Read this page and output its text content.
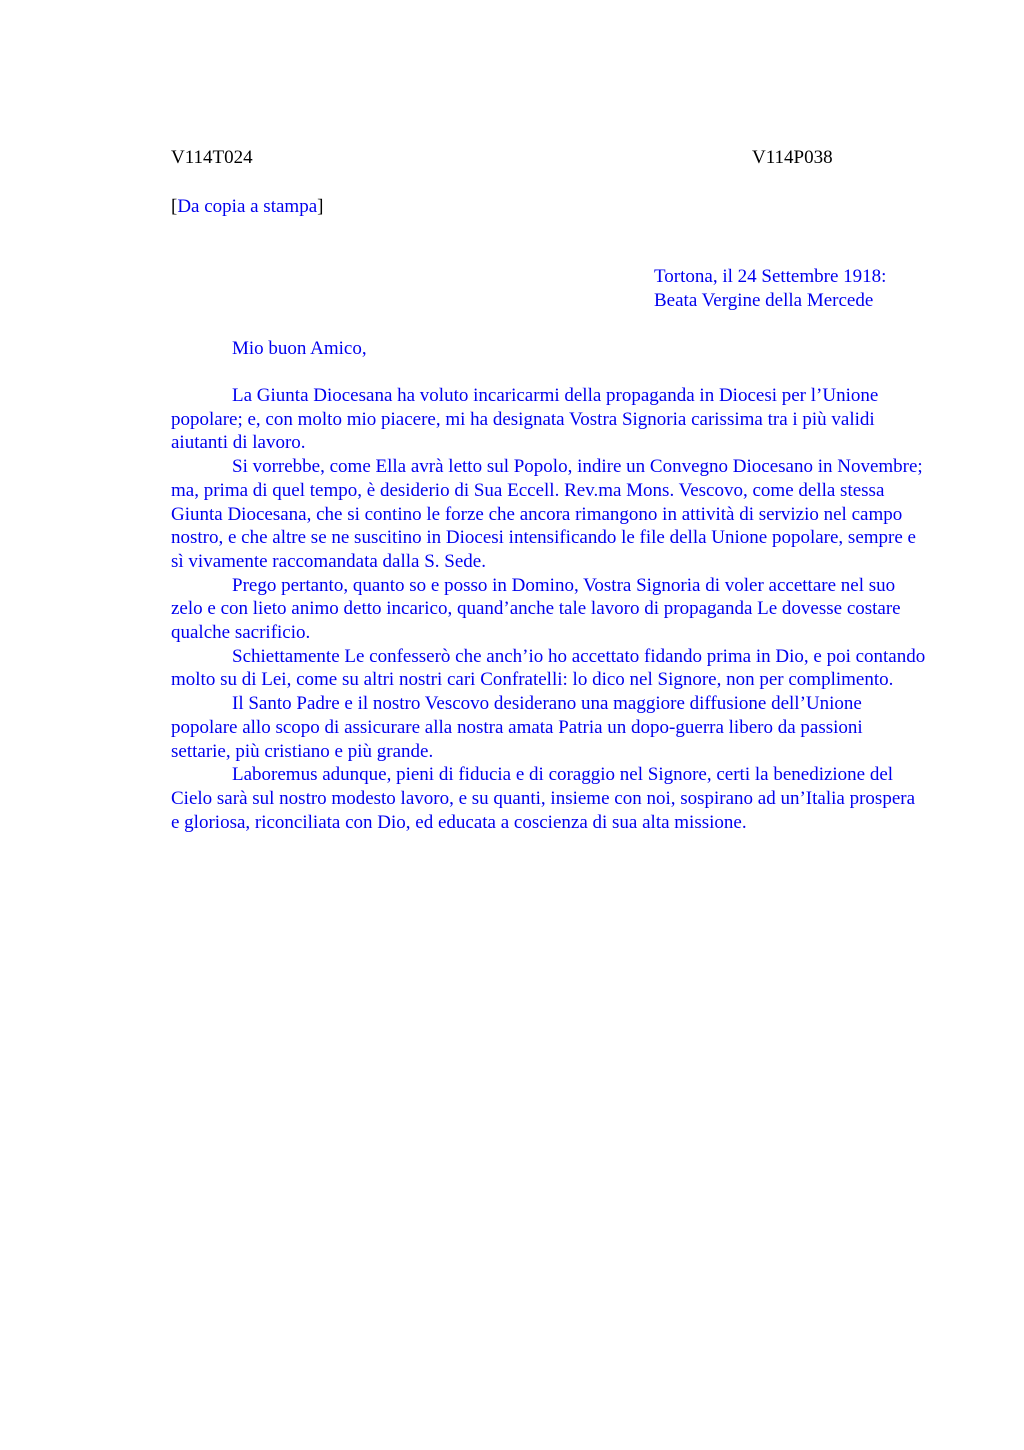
V114T024	V114P038
[Da copia a stampa]
Tortona, il 24 Settembre 1918:
Beata Vergine della Mercede
Mio buon Amico,

La Giunta Diocesana ha voluto incaricarmi della propaganda in Diocesi per l’Unione popolare; e, con molto mio piacere, mi ha designata Vostra Signoria carissima tra i più validi aiutanti di lavoro.

Si vorrebbe, come Ella avrà letto sul Popolo, indire un Convegno Diocesano in Novembre; ma, prima di quel tempo, è desiderio di Sua Eccell. Rev.ma Mons. Vescovo, come della stessa Giunta Diocesana, che si contino le forze che ancora rimangono in attività di servizio nel campo nostro, e che altre se ne suscitino in Diocesi intensificando le file della Unione popolare, sempre e sì vivamente raccomandata dalla S. Sede.

Prego pertanto, quanto so e posso in Domino, Vostra Signoria di voler accettare nel suo zelo e con lieto animo detto incarico, quand’anche tale lavoro di propaganda Le dovesse costare qualche sacrificio.

Schiettamente Le confesserò che anch’io ho accettato fidando prima in Dio, e poi contando molto su di Lei, come su altri nostri cari Confratelli: lo dico nel Signore, non per complimento.

Il Santo Padre e il nostro Vescovo desiderano una maggiore diffusione dell’Unione popolare allo scopo di assicurare alla nostra amata Patria un dopo-guerra libero da passioni settarie, più cristiano e più grande.

Laboremus adunque, pieni di fiducia e di coraggio nel Signore, certi la benedizione del Cielo sarà sul nostro modesto lavoro, e su quanti, insieme con noi, sospirano ad un’Italia prospera e gloriosa, riconciliata con Dio, ed educata a coscienza di sua alta missione.
